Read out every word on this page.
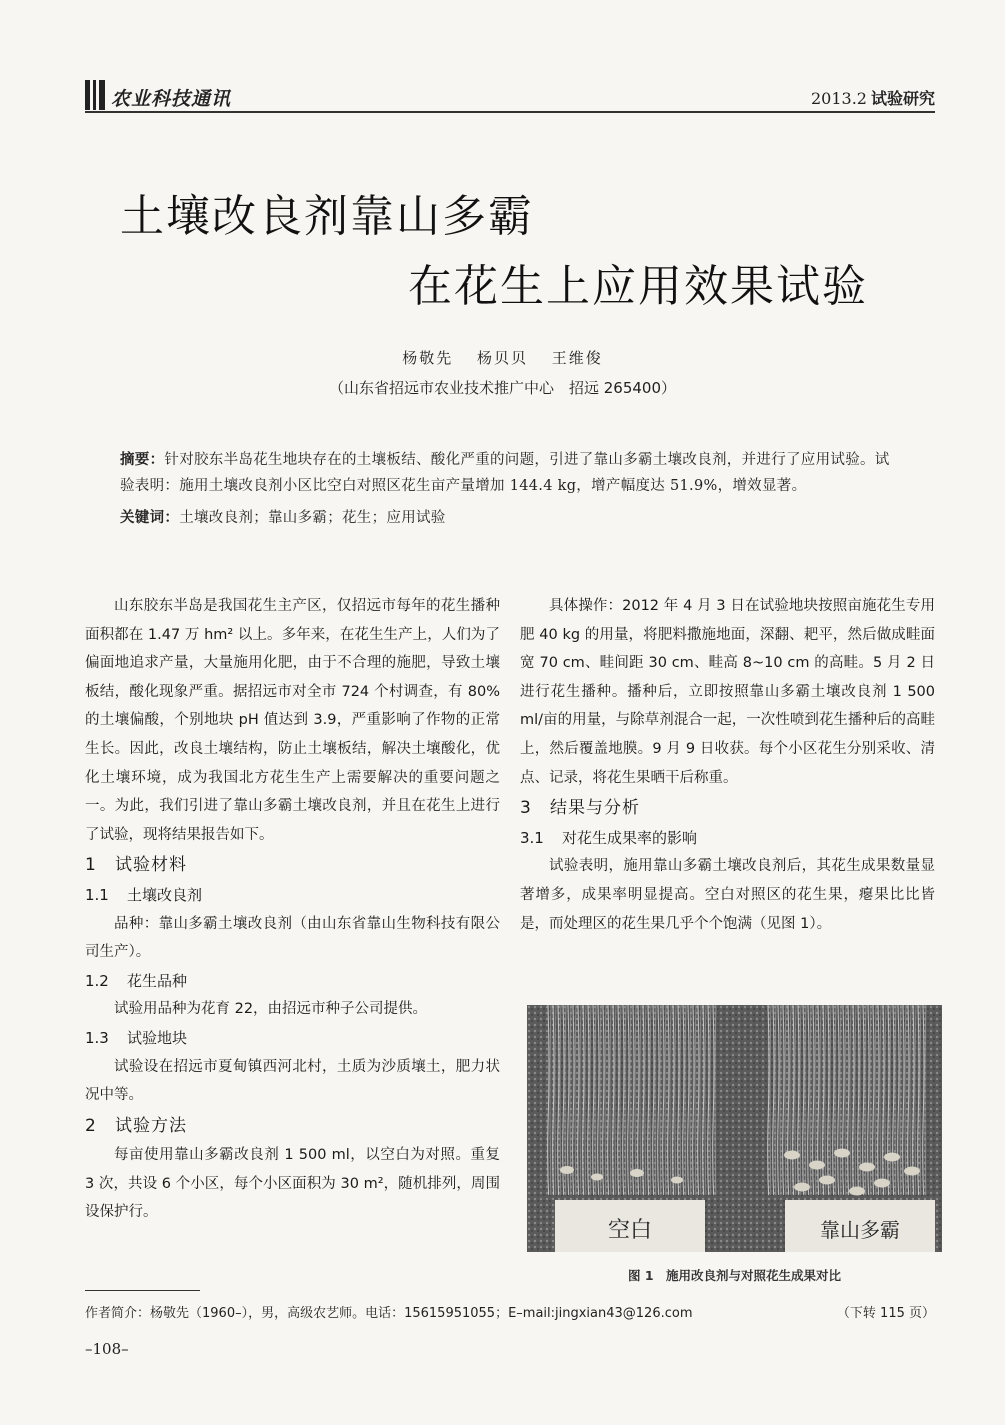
农业科技通讯	2013.2 试验研究
土壤改良剂靠山多霸
在花生上应用效果试验
杨敬先　 杨贝贝　 王维俊
（山东省招远市农业技术推广中心　招远 265400）

摘要：针对胶东半岛花生地块存在的土壤板结、酸化严重的问题，引进了靠山多霸土壤改良剂，并进行了应用试验。试验表明：施用土壤改良剂小区比空白对照区花生亩产量增加 144.4 kg，增产幅度达 51.9%，增效显著。

关键词：土壤改良剂；靠山多霸；花生；应用试验

山东胶东半岛是我国花生主产区，仅招远市每年的花生播种面积都在 1.47 万 hm² 以上。多年来，在花生生产上，人们为了偏面地追求产量，大量施用化肥，由于不合理的施肥，导致土壤板结，酸化现象严重。据招远市对全市 724 个村调查，有 80%的土壤偏酸，个别地块 pH 值达到 3.9，严重影响了作物的正常生长。因此，改良土壤结构，防止土壤板结，解决土壤酸化，优化土壤环境，成为我国北方花生生产上需要解决的重要问题之一。为此，我们引进了靠山多霸土壤改良剂，并且在花生上进行了试验，现将结果报告如下。

1 试验材料
1.1 土壤改良剂

品种：靠山多霸土壤改良剂（由山东省靠山生物科技有限公司生产）。

1.2 花生品种

试验用品种为花育 22，由招远市种子公司提供。

1.3 试验地块

试验设在招远市夏甸镇西河北村，土质为沙质壤土，肥力状况中等。

2 试验方法

每亩使用靠山多霸改良剂 1 500 ml，以空白为对照。重复 3 次，共设 6 个小区，每个小区面积为 30 m²，随机排列，周围设保护行。

具体操作：2012 年 4 月 3 日在试验地块按照亩施花生专用肥 40 kg 的用量，将肥料撒施地面，深翻、耙平，然后做成畦面宽 70 cm、畦间距 30 cm、畦高 8~10 cm 的高畦。5 月 2 日进行花生播种。播种后，立即按照靠山多霸土壤改良剂 1 500 ml/亩的用量，与除草剂混合一起，一次性喷到花生播种后的高畦上，然后覆盖地膜。9 月 9 日收获。每个小区花生分别采收、清点、记录，将花生果晒干后称重。

3 结果与分析
3.1 对花生成果率的影响

试验表明，施用靠山多霸土壤改良剂后，其花生成果数量显著增多，成果率明显提高。空白对照区的花生果，瘪果比比皆是，而处理区的花生果几乎个个饱满（见图 1）。

空白	靠山多霸
图 1　施用改良剂与对照花生成果对比
作者简介：杨敬先（1960–），男，高级农艺师。电话：15615951055；E–mail:jingxian43@126.com	（下转 115 页）
–108–
